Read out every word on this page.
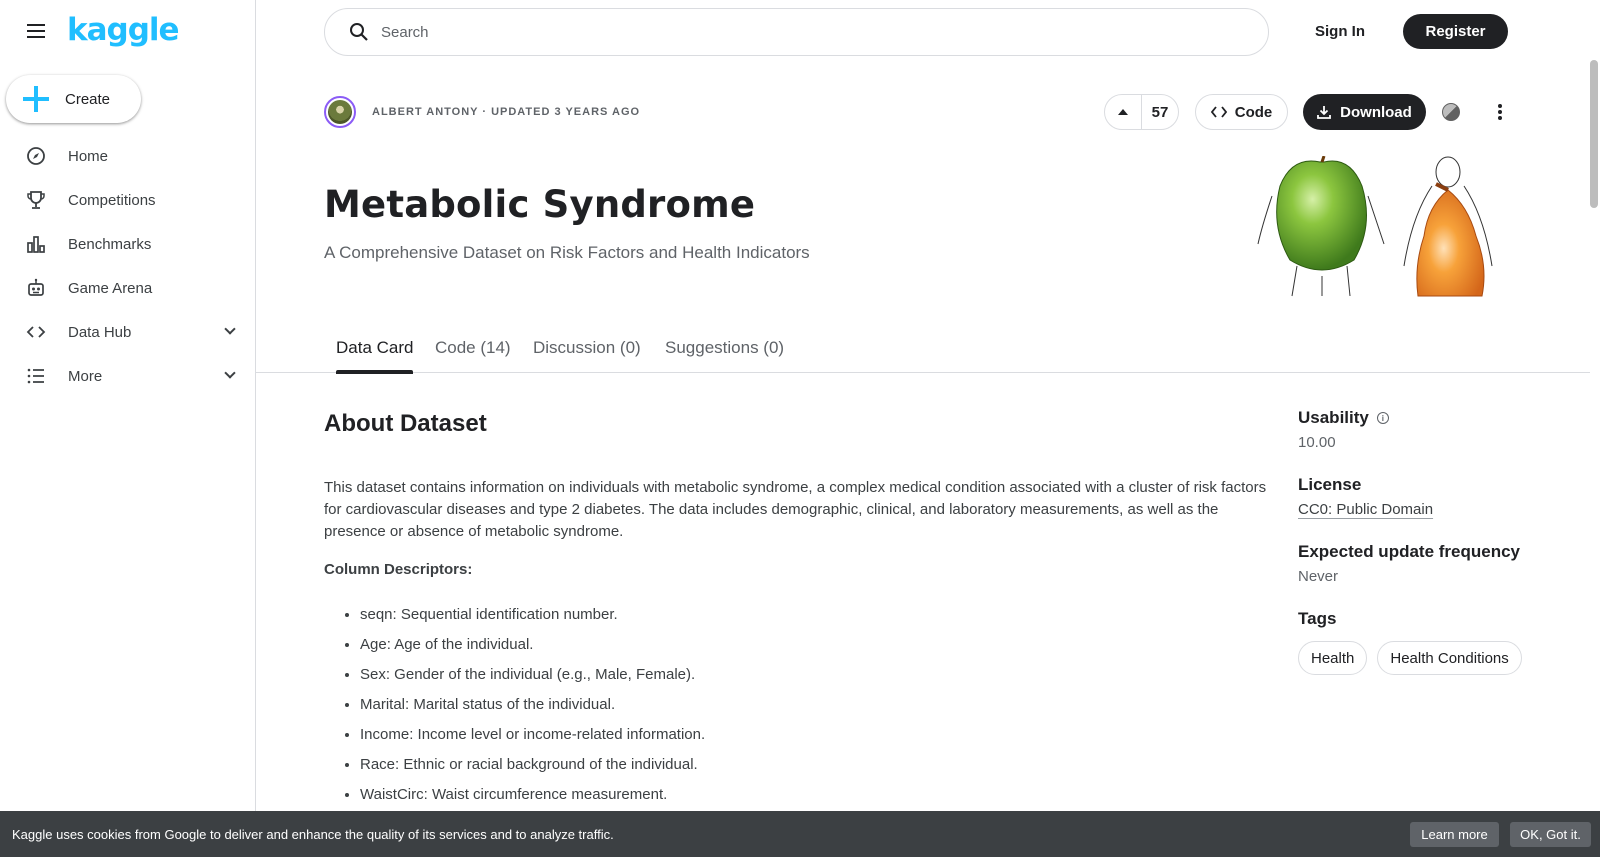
kaggle
Create
Home
Competitions
Benchmarks
Game Arena
Data Hub
More
Search
Sign In	Register
ALBERT ANTONY · UPDATED 3 YEARS AGO	57	Code	Download
Metabolic Syndrome
A Comprehensive Dataset on Risk Factors and Health Indicators
Data Card Code (14) Discussion (0) Suggestions (0)
About Dataset

This dataset contains information on individuals with metabolic syndrome, a complex medical condition associated with a cluster of risk factors for cardiovascular diseases and type 2 diabetes. The data includes demographic, clinical, and laboratory measurements, as well as the presence or absence of metabolic syndrome.

Column Descriptors:
• seqn: Sequential identification number.
• Age: Age of the individual.
• Sex: Gender of the individual (e.g., Male, Female).
• Marital: Marital status of the individual.
• Income: Income level or income-related information.
• Race: Ethnic or racial background of the individual.
• WaistCirc: Waist circumference measurement.
Usability	i
10.00
License
CC0: Public Domain
Expected update frequency
Never
Tags
Health	Health Conditions
Kaggle uses cookies from Google to deliver and enhance the quality of its services and to analyze traffic.	Learn more	OK, Got it.
